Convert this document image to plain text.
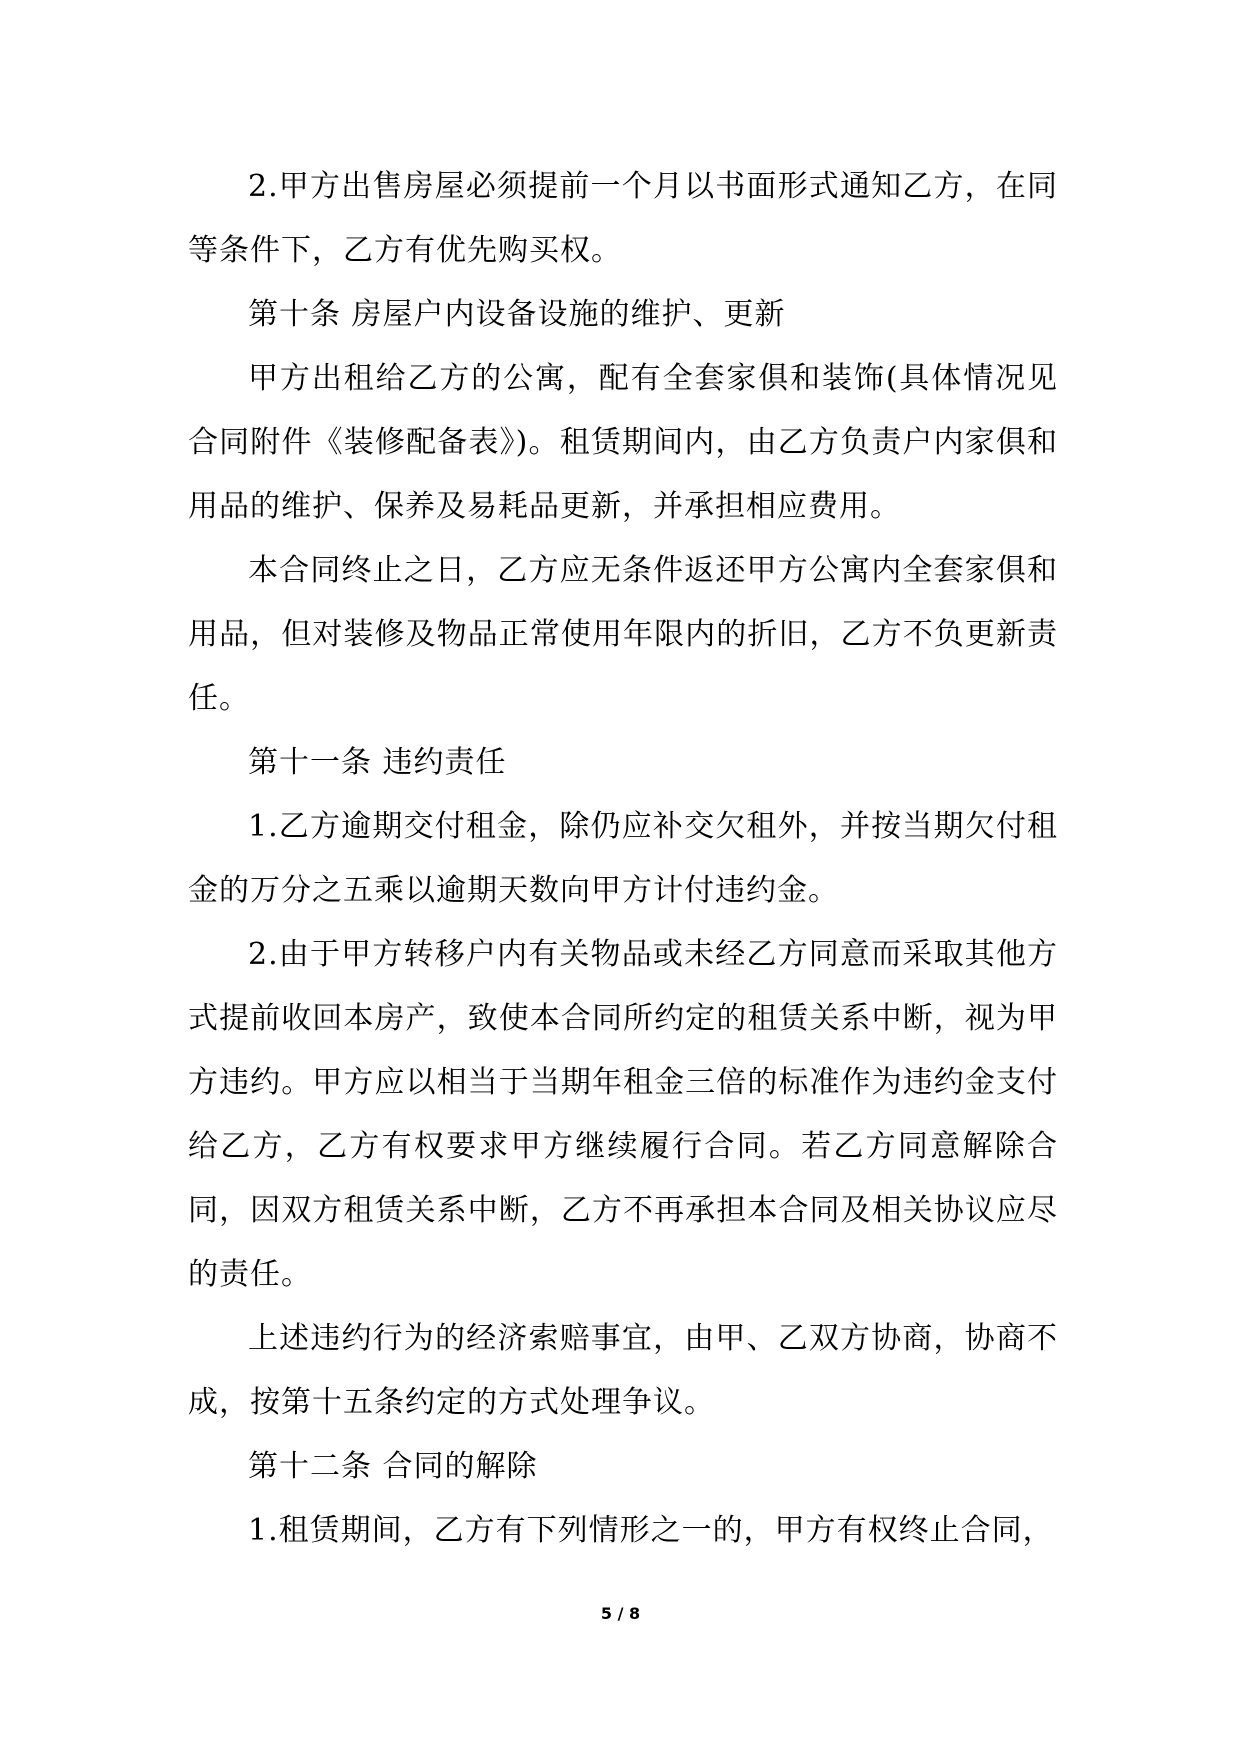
2.甲方出售房屋必须提前一个月以书面形式通知乙方，在同等条件下，乙方有优先购买权。

第十条 房屋户内设备设施的维护、更新

甲方出租给乙方的公寓，配有全套家俱和装饰(具体情况见合同附件《装修配备表》)。租赁期间内，由乙方负责户内家俱和用品的维护、保养及易耗品更新，并承担相应费用。

本合同终止之日，乙方应无条件返还甲方公寓内全套家俱和用品，但对装修及物品正常使用年限内的折旧，乙方不负更新责任。

第十一条 违约责任

1.乙方逾期交付租金，除仍应补交欠租外，并按当期欠付租金的万分之五乘以逾期天数向甲方计付违约金。

2.由于甲方转移户内有关物品或未经乙方同意而采取其他方式提前收回本房产，致使本合同所约定的租赁关系中断，视为甲方违约。甲方应以相当于当期年租金三倍的标准作为违约金支付给乙方，乙方有权要求甲方继续履行合同。若乙方同意解除合同，因双方租赁关系中断，乙方不再承担本合同及相关协议应尽的责任。

上述违约行为的经济索赔事宜，由甲、乙双方协商，协商不成，按第十五条约定的方式处理争议。

第十二条 合同的解除

1.租赁期间，乙方有下列情形之一的，甲方有权终止合同，

5 / 8
